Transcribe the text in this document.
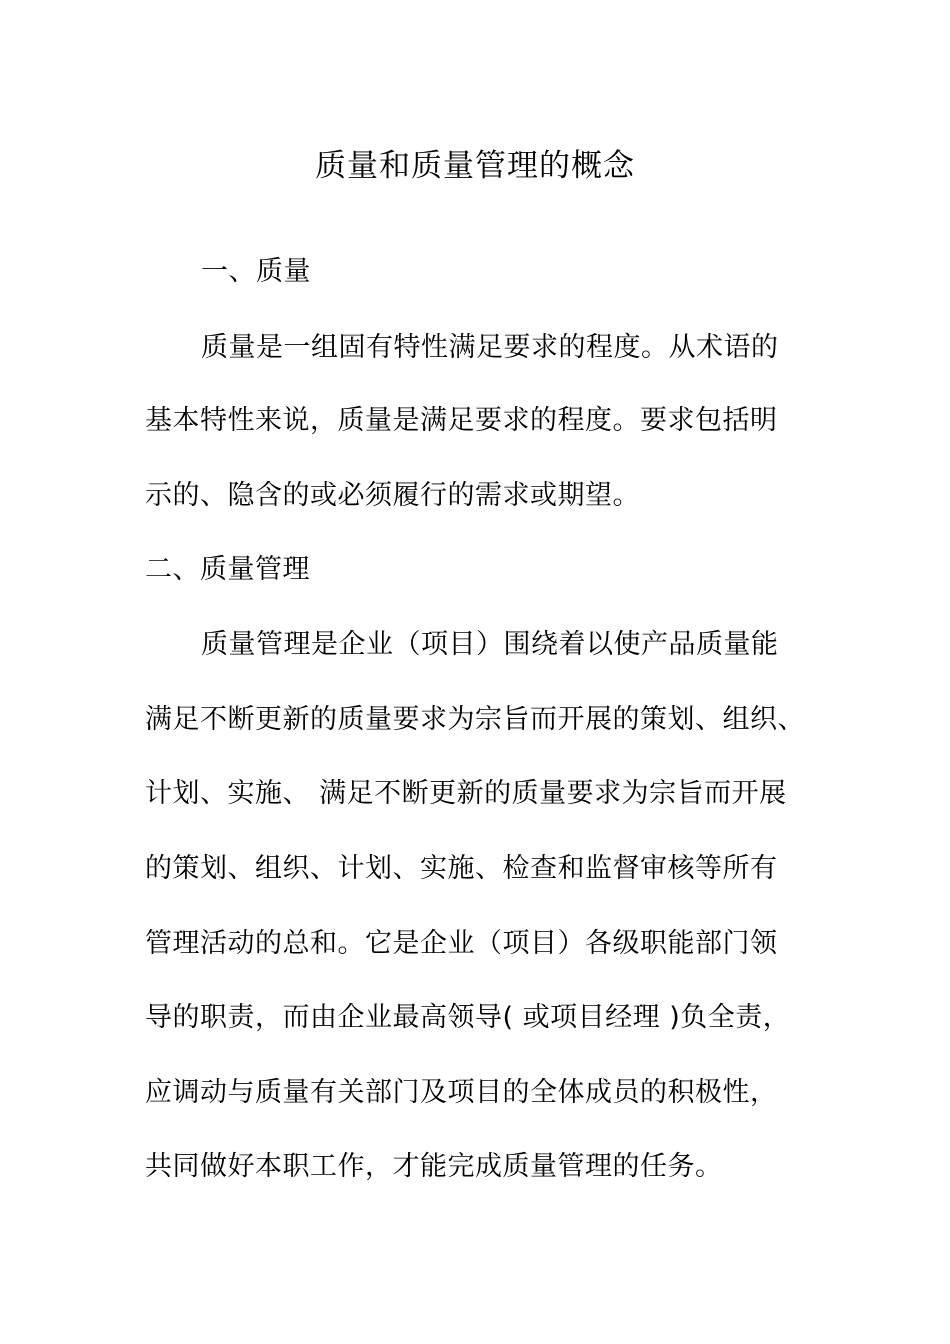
质量和质量管理的概念
一、质量
质量是一组固有特性满足要求的程度。从术语的
基本特性来说，质量是满足要求的程度。要求包括明
示的、隐含的或必须履行的需求或期望。
二、质量管理
质量管理是企业（项目）围绕着以使产品质量能
满足不断更新的质量要求为宗旨而开展的策划、组织、
计划、实施、 满足不断更新的质量要求为宗旨而开展
的策划、组织、计划、实施、检查和监督审核等所有
管理活动的总和。它是企业（项目）各级职能部门领
导的职责，而由企业最高领导( 或项目经理 )负全责，
应调动与质量有关部门及项目的全体成员的积极性，
共同做好本职工作，才能完成质量管理的任务。
